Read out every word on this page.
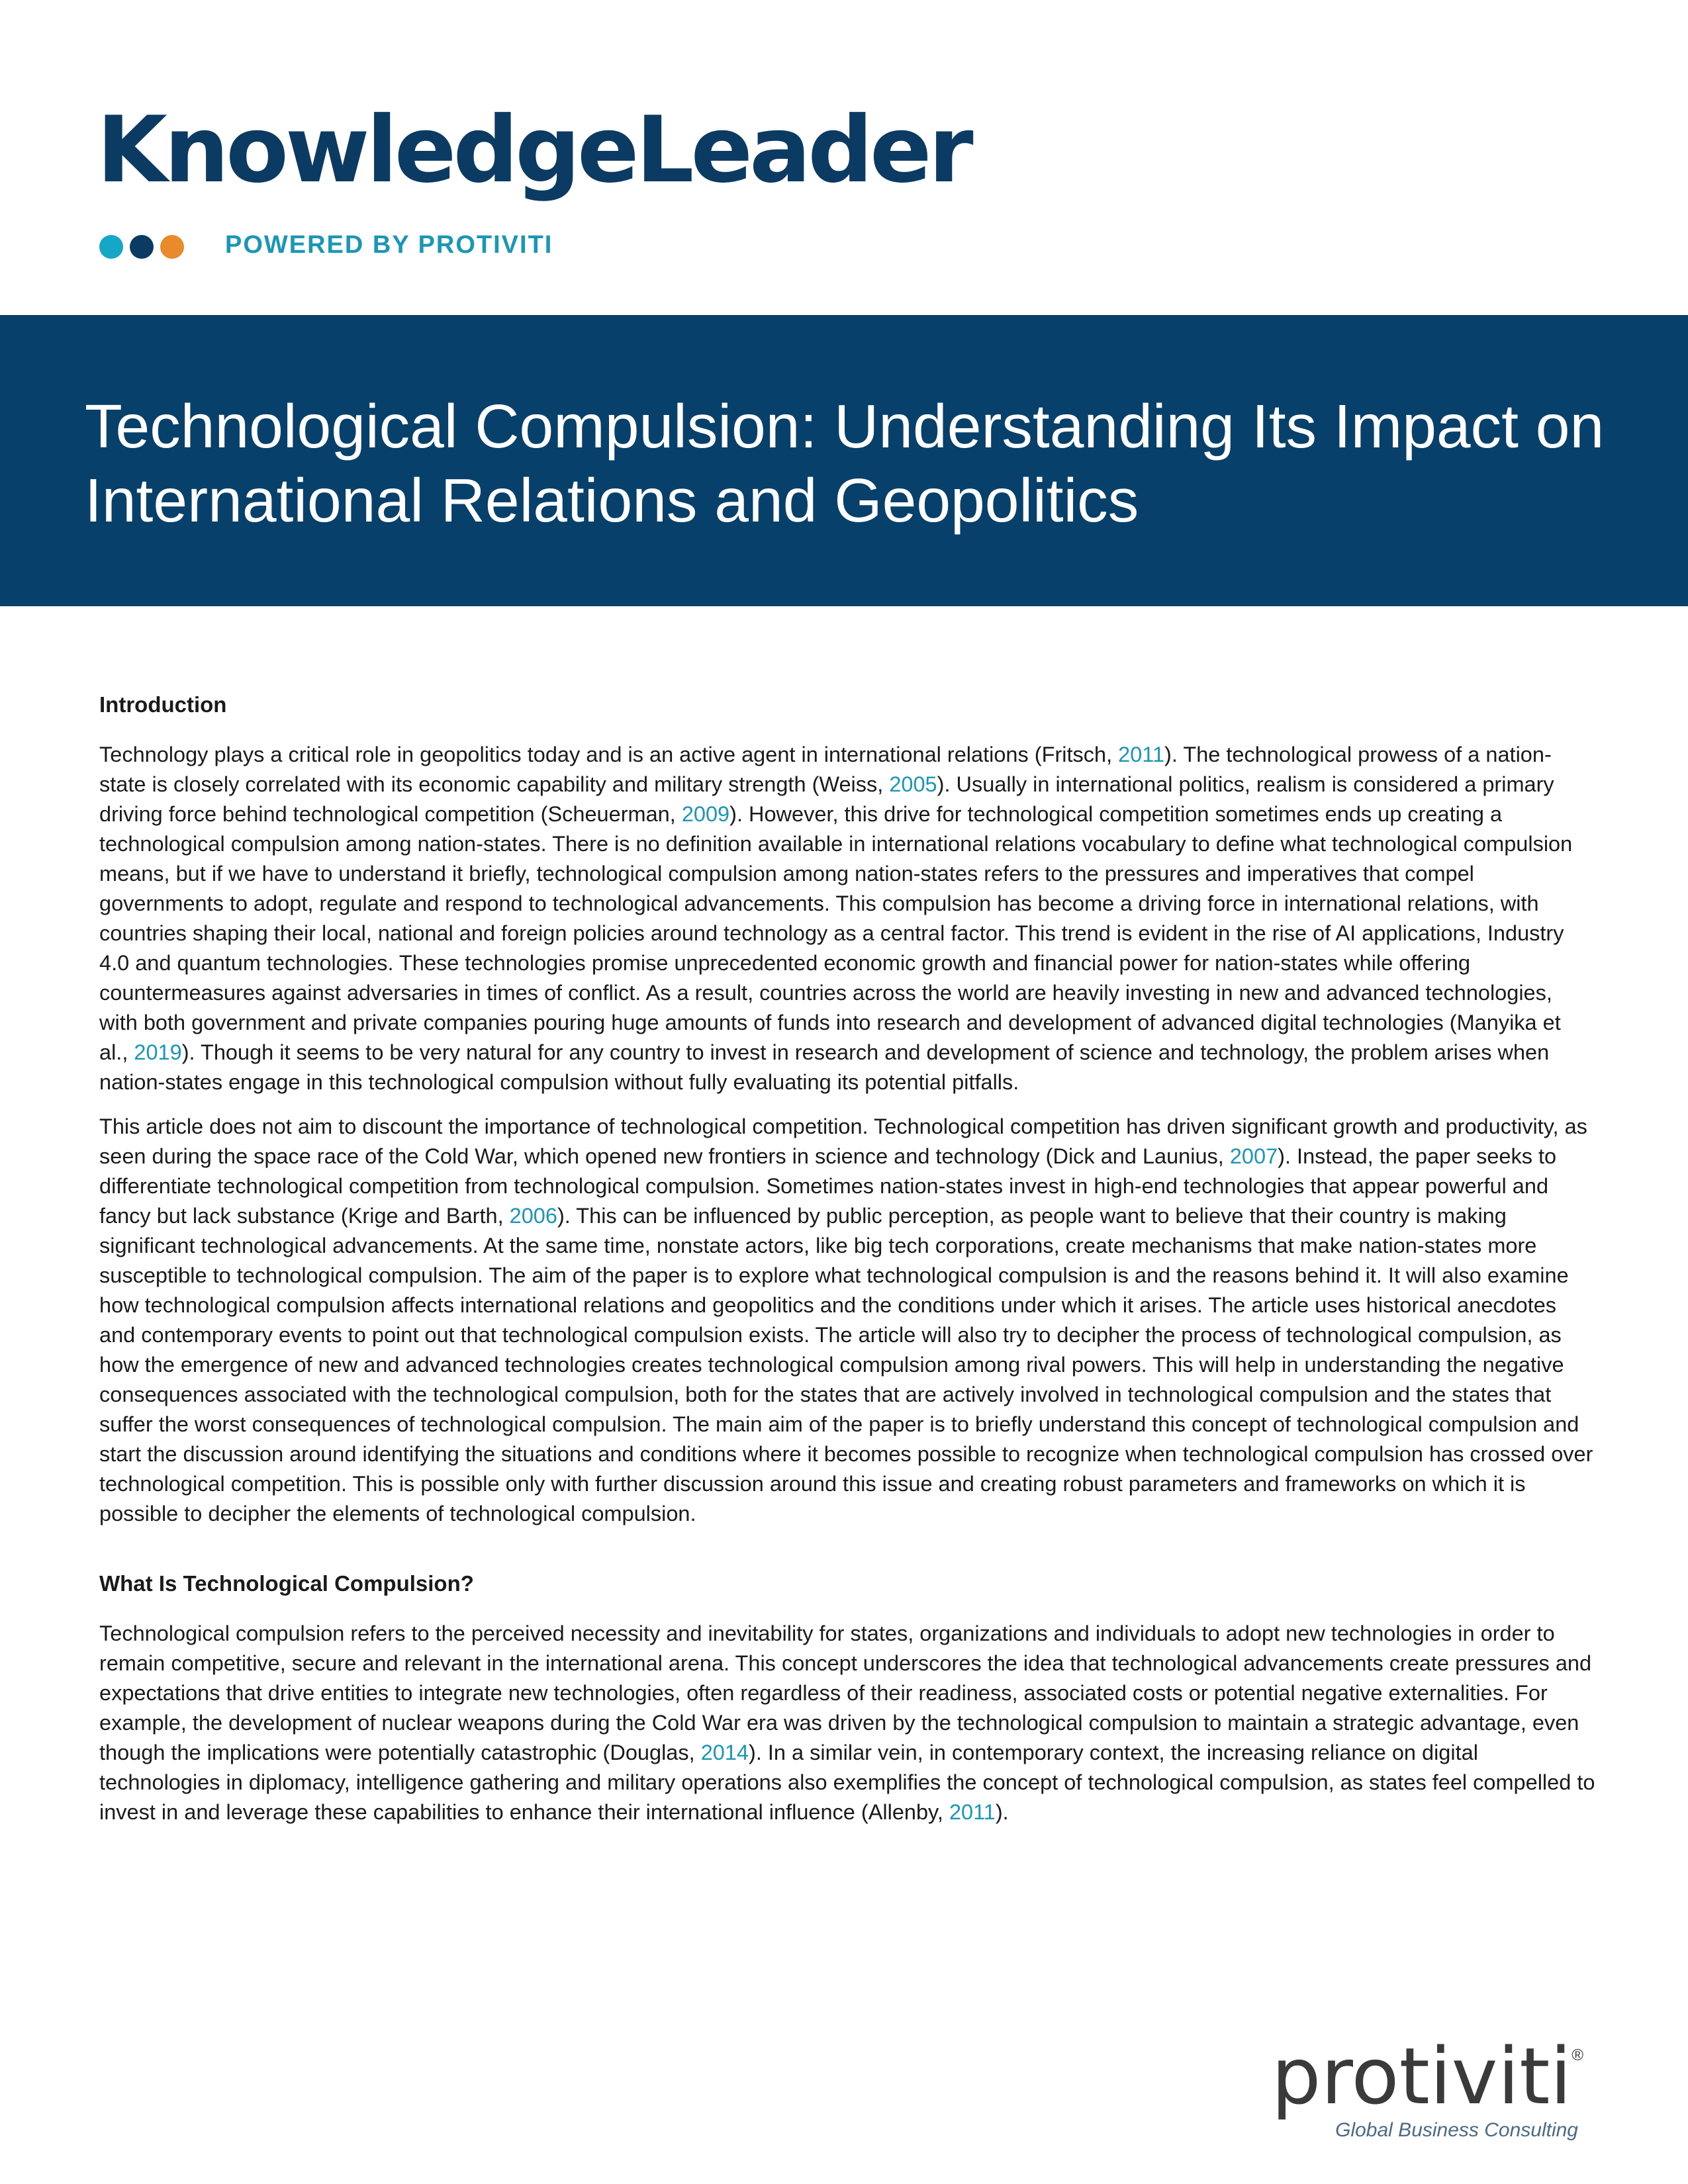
KnowledgeLeader
POWERED BY PROTIVITI
Technological Compulsion: Understanding Its Impact on International Relations and Geopolitics
Introduction

Technology plays a critical role in geopolitics today and is an active agent in international relations (Fritsch, 2011). The technological prowess of a nation-state is closely correlated with its economic capability and military strength (Weiss, 2005). Usually in international politics, realism is considered a primary driving force behind technological competition (Scheuerman, 2009). However, this drive for technological competition sometimes ends up creating a technological compulsion among nation-states. There is no definition available in international relations vocabulary to define what technological compulsion means, but if we have to understand it briefly, technological compulsion among nation-states refers to the pressures and imperatives that compel governments to adopt, regulate and respond to technological advancements. This compulsion has become a driving force in international relations, with countries shaping their local, national and foreign policies around technology as a central factor. This trend is evident in the rise of AI applications, Industry 4.0 and quantum technologies. These technologies promise unprecedented economic growth and financial power for nation-states while offering countermeasures against adversaries in times of conflict. As a result, countries across the world are heavily investing in new and advanced technologies, with both government and private companies pouring huge amounts of funds into research and development of advanced digital technologies (Manyika et al., 2019). Though it seems to be very natural for any country to invest in research and development of science and technology, the problem arises when nation-states engage in this technological compulsion without fully evaluating its potential pitfalls.

This article does not aim to discount the importance of technological competition. Technological competition has driven significant growth and productivity, as seen during the space race of the Cold War, which opened new frontiers in science and technology (Dick and Launius, 2007). Instead, the paper seeks to differentiate technological competition from technological compulsion. Sometimes nation-states invest in high-end technologies that appear powerful and fancy but lack substance (Krige and Barth, 2006). This can be influenced by public perception, as people want to believe that their country is making significant technological advancements. At the same time, nonstate actors, like big tech corporations, create mechanisms that make nation-states more susceptible to technological compulsion. The aim of the paper is to explore what technological compulsion is and the reasons behind it. It will also examine how technological compulsion affects international relations and geopolitics and the conditions under which it arises. The article uses historical anecdotes and contemporary events to point out that technological compulsion exists. The article will also try to decipher the process of technological compulsion, as how the emergence of new and advanced technologies creates technological compulsion among rival powers. This will help in understanding the negative consequences associated with the technological compulsion, both for the states that are actively involved in technological compulsion and the states that suffer the worst consequences of technological compulsion. The main aim of the paper is to briefly understand this concept of technological compulsion and start the discussion around identifying the situations and conditions where it becomes possible to recognize when technological compulsion has crossed over technological competition. This is possible only with further discussion around this issue and creating robust parameters and frameworks on which it is possible to decipher the elements of technological compulsion.

What Is Technological Compulsion?

Technological compulsion refers to the perceived necessity and inevitability for states, organizations and individuals to adopt new technologies in order to remain competitive, secure and relevant in the international arena. This concept underscores the idea that technological advancements create pressures and expectations that drive entities to integrate new technologies, often regardless of their readiness, associated costs or potential negative externalities. For example, the development of nuclear weapons during the Cold War era was driven by the technological compulsion to maintain a strategic advantage, even though the implications were potentially catastrophic (Douglas, 2014). In a similar vein, in contemporary context, the increasing reliance on digital technologies in diplomacy, intelligence gathering and military operations also exemplifies the concept of technological compulsion, as states feel compelled to invest in and leverage these capabilities to enhance their international influence (Allenby, 2011).

protiviti®
Global Business Consulting
